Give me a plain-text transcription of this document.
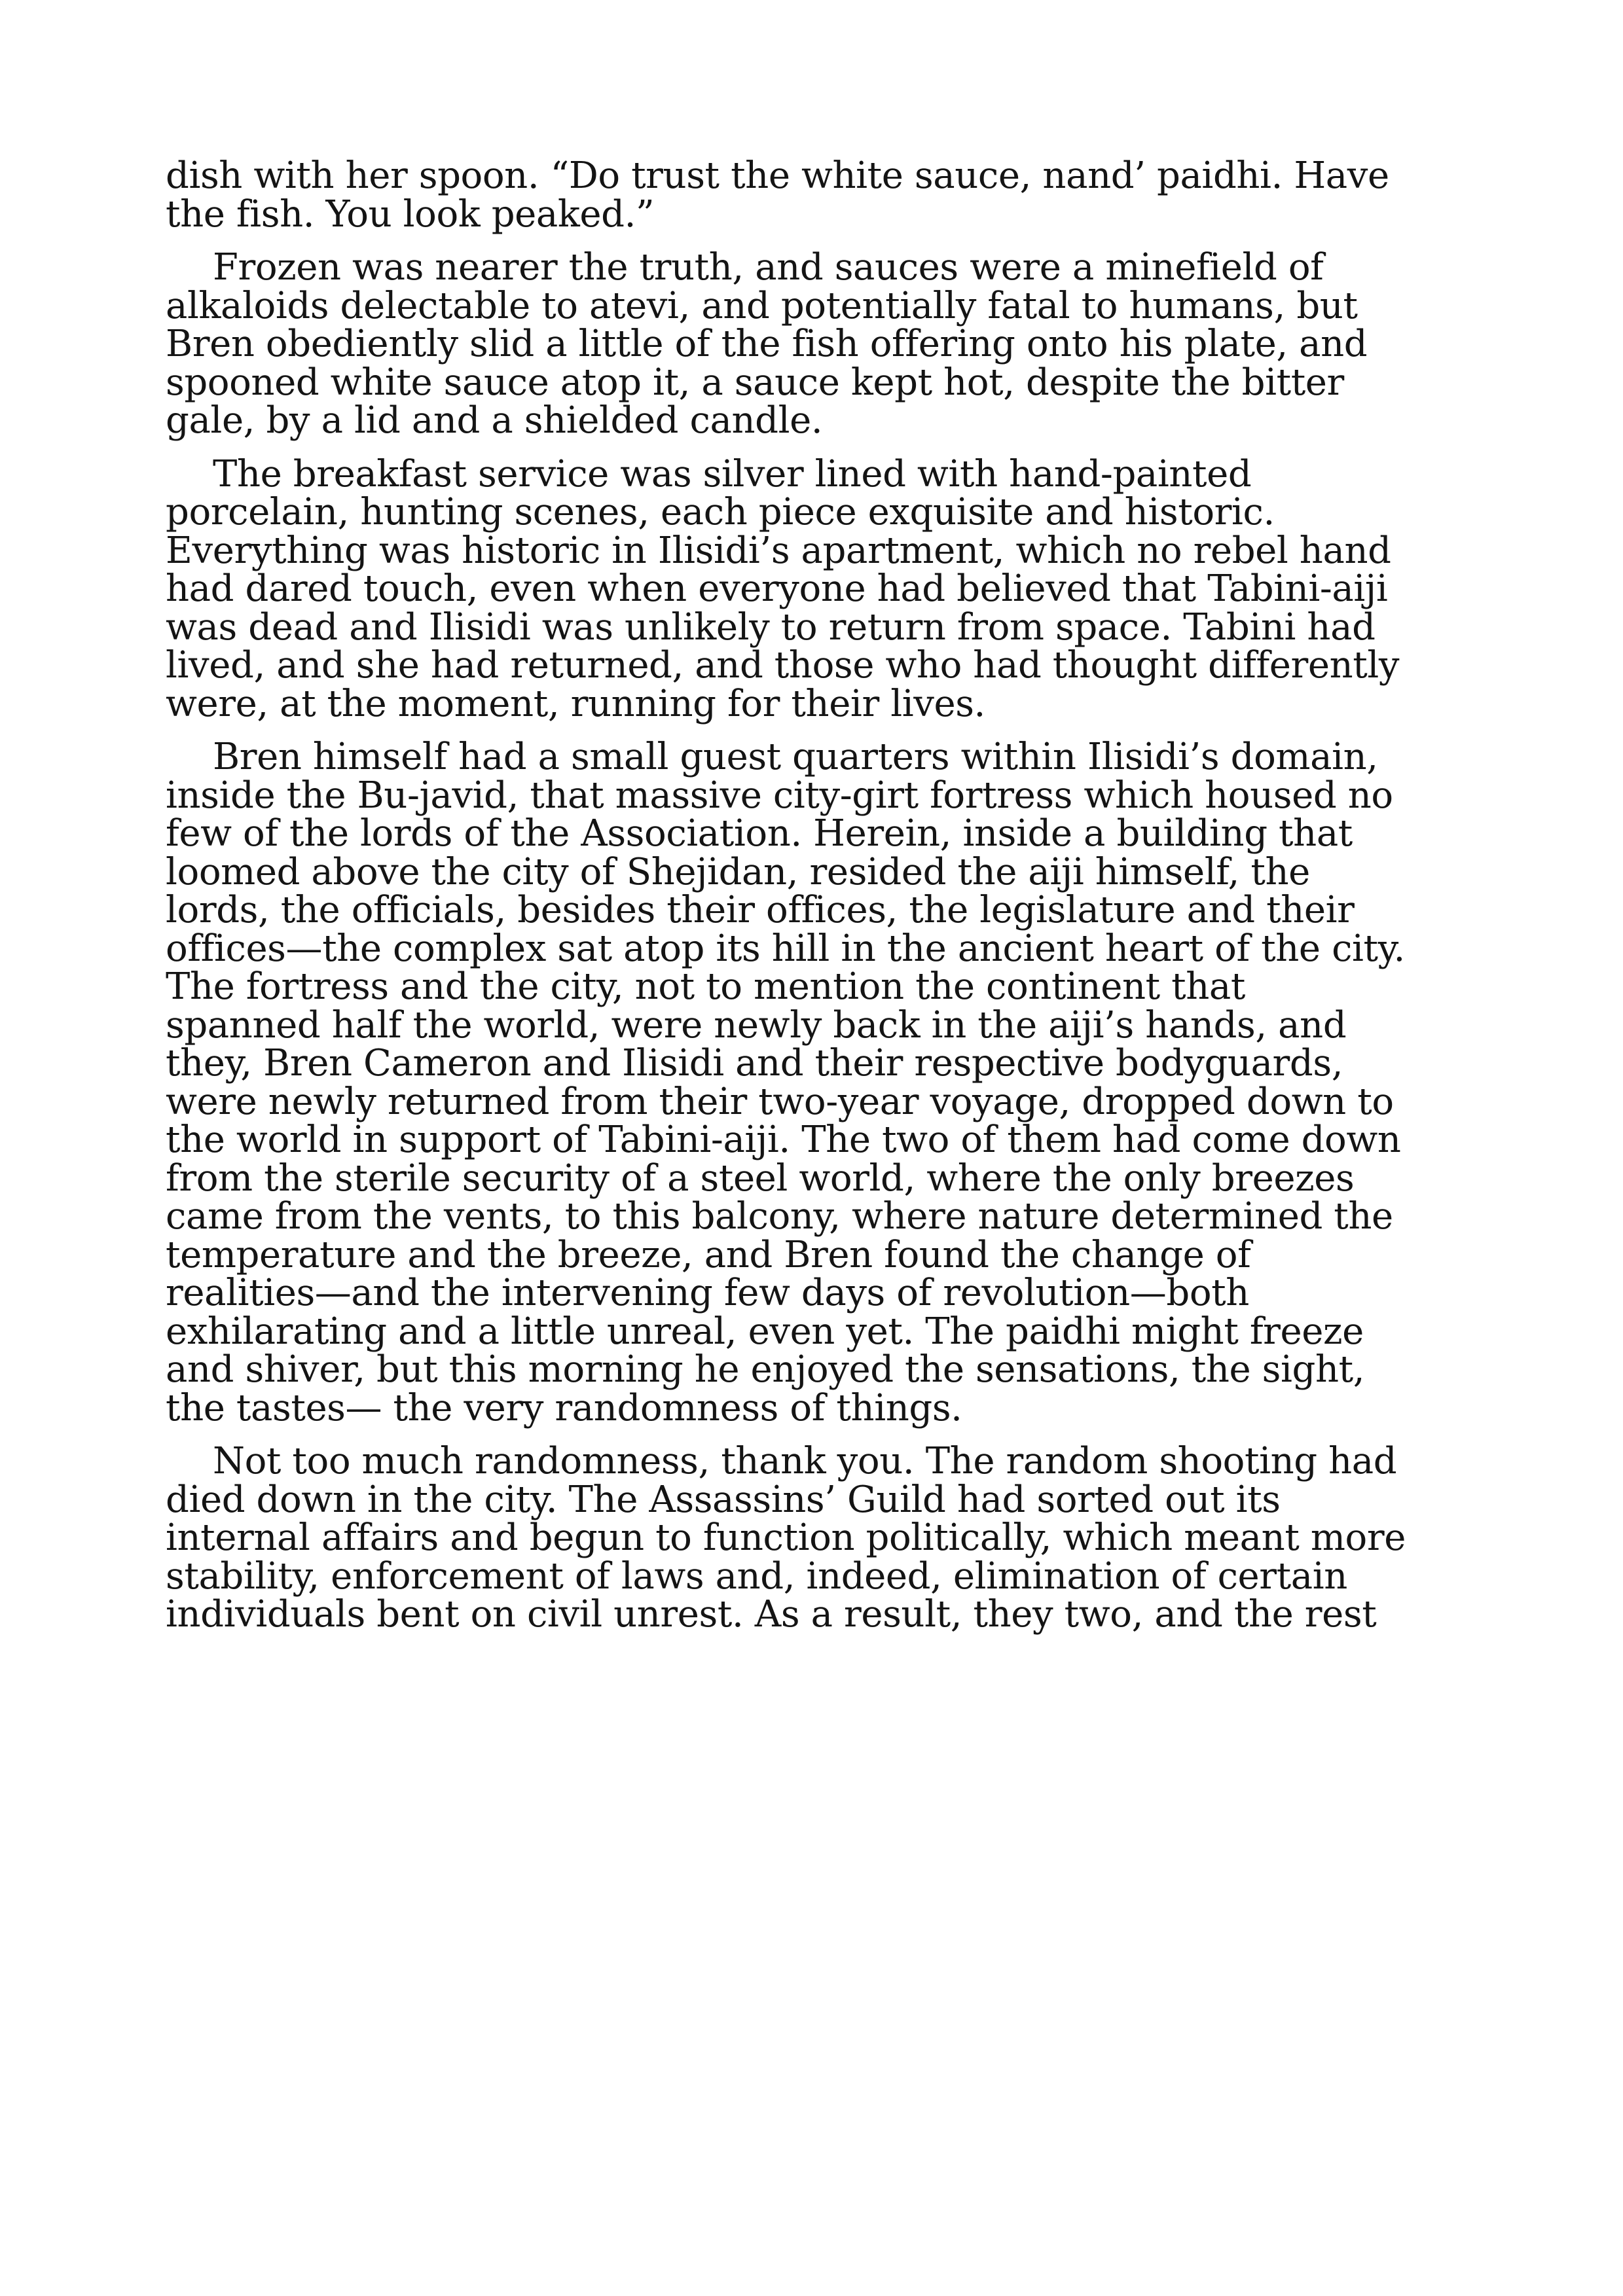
dish with her spoon. “Do trust the white sauce, nand’ paidhi. Have
the fish. You look peaked.”
Frozen was nearer the truth, and sauces were a minefield of
alkaloids delectable to atevi, and potentially fatal to humans, but
Bren obediently slid a little of the fish offering onto his plate, and
spooned white sauce atop it, a sauce kept hot, despite the bitter
gale, by a lid and a shielded candle.
The breakfast service was silver lined with hand-painted
porcelain, hunting scenes, each piece exquisite and historic.
Everything was historic in Ilisidi’s apartment, which no rebel hand
had dared touch, even when everyone had believed that Tabini-aiji
was dead and Ilisidi was unlikely to return from space. Tabini had
lived, and she had returned, and those who had thought differently
were, at the moment, running for their lives.
Bren himself had a small guest quarters within Ilisidi’s domain,
inside the Bu-javid, that massive city-girt fortress which housed no
few of the lords of the Association. Herein, inside a building that
loomed above the city of Shejidan, resided the aiji himself, the
lords, the officials, besides their offices, the legislature and their
offices—the complex sat atop its hill in the ancient heart of the city.
The fortress and the city, not to mention the continent that
spanned half the world, were newly back in the aiji’s hands, and
they, Bren Cameron and Ilisidi and their respective bodyguards,
were newly returned from their two-year voyage, dropped down to
the world in support of Tabini-aiji. The two of them had come down
from the sterile security of a steel world, where the only breezes
came from the vents, to this balcony, where nature determined the
temperature and the breeze, and Bren found the change of
realities—and the intervening few days of revolution—both
exhilarating and a little unreal, even yet. The paidhi might freeze
and shiver, but this morning he enjoyed the sensations, the sight,
the tastes— the very randomness of things.
Not too much randomness, thank you. The random shooting had
died down in the city. The Assassins’ Guild had sorted out its
internal affairs and begun to function politically, which meant more
stability, enforcement of laws and, indeed, elimination of certain
individuals bent on civil unrest. As a result, they two, and the rest
